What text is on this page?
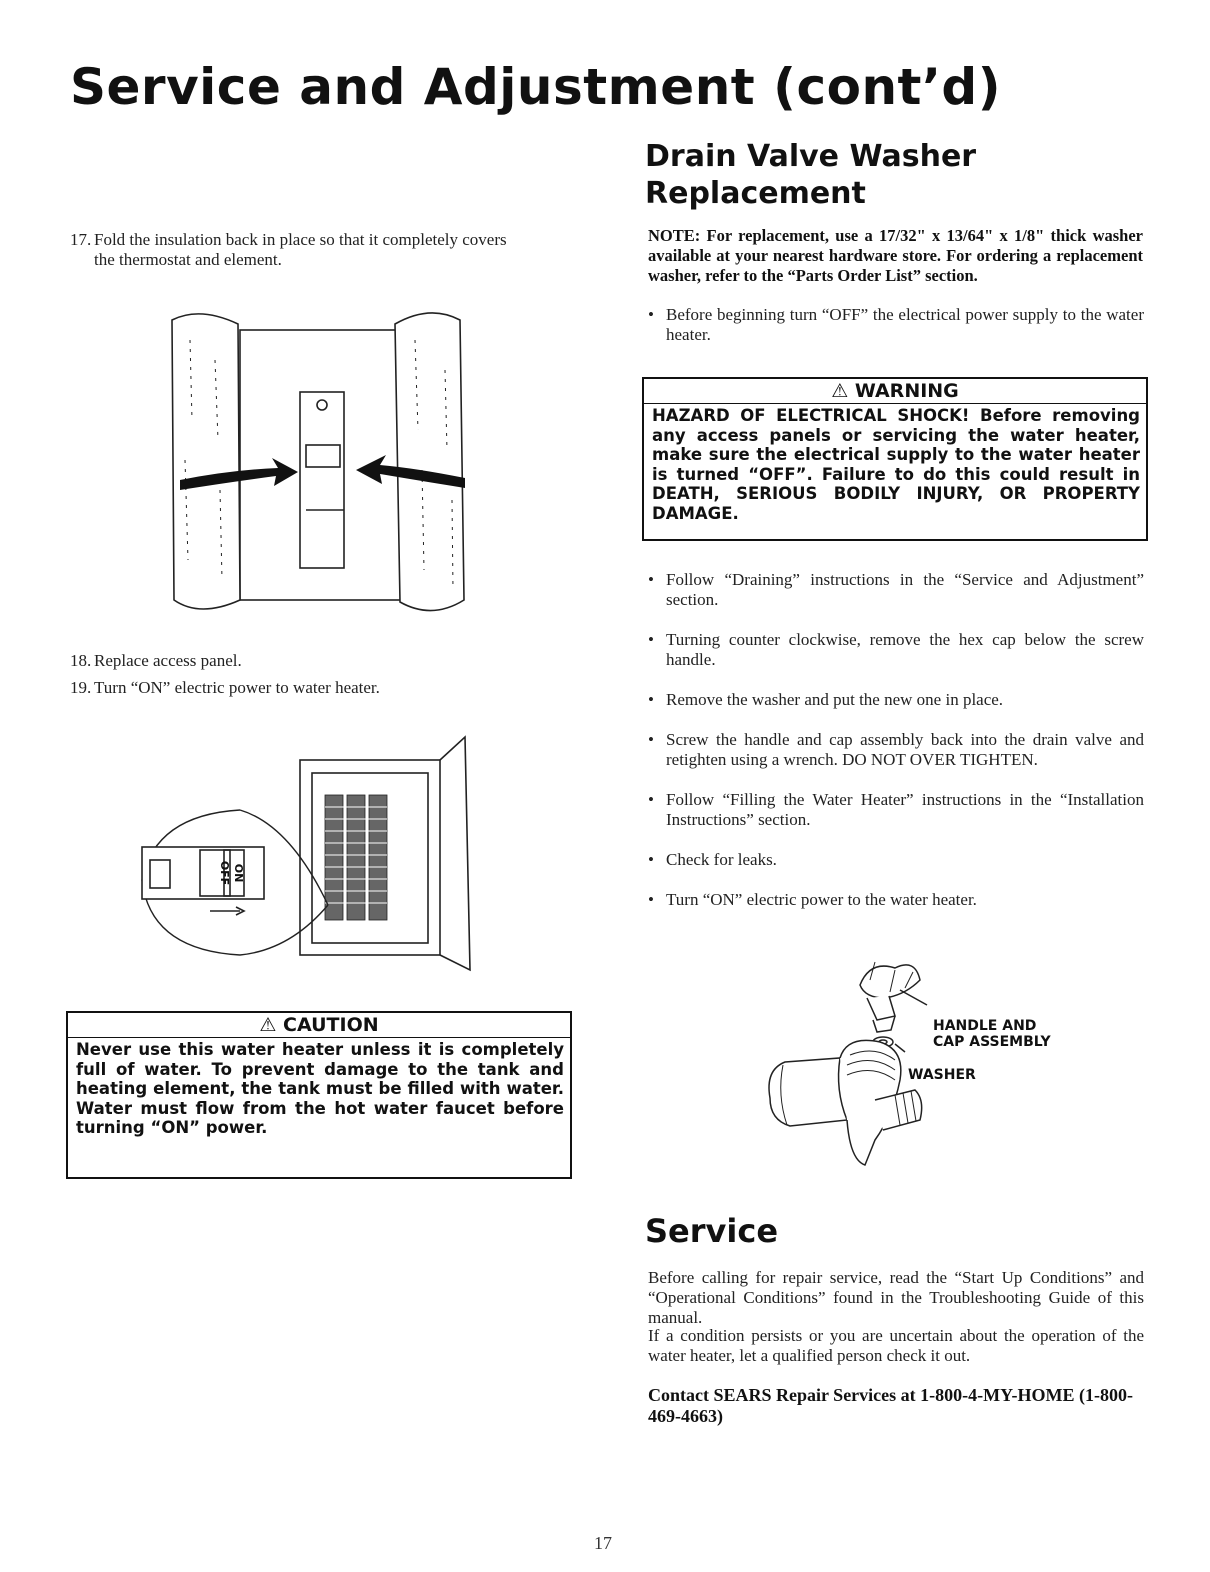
Service and Adjustment (cont’d)
17. Fold the insulation back in place so that it completely covers
the thermostat and element.
18. Replace access panel.
19. Turn “ON” electric power to water heater.
OFF ON
⚠ CAUTION
Never use this water heater unless it is completely full of water. To prevent damage to the tank and heating element, the tank must be filled with water. Water must flow from the hot water faucet before turning “ON” power.
Drain Valve Washer
Replacement
NOTE: For replacement, use a 17/32" x 13/64" x 1/8" thick washer available at your nearest hardware store. For ordering a replacement washer, refer to the “Parts Order List” section.
• Before beginning turn “OFF” the electrical power supply to the water heater.
⚠ WARNING
HAZARD OF ELECTRICAL SHOCK! Before removing any access panels or servicing the water heater, make sure the electrical supply to the water heater is turned “OFF”. Failure to do this could result in DEATH, SERIOUS BODILY INJURY, OR PROPERTY DAMAGE.
• Follow “Draining” instructions in the “Service and Adjustment” section.
• Turning counter clockwise, remove the hex cap below the screw handle.
• Remove the washer and put the new one in place.
• Screw the handle and cap assembly back into the drain valve and retighten using a wrench. DO NOT OVER TIGHTEN.
• Follow “Filling the Water Heater” instructions in the “Installation Instructions” section.
• Check for leaks.
• Turn “ON” electric power to the water heater.
HANDLE AND
CAP ASSEMBLY
WASHER
Service
Before calling for repair service, read the “Start Up Conditions” and “Operational Conditions” found in the Troubleshooting Guide of this manual.
If a condition persists or you are uncertain about the operation of the water heater, let a qualified person check it out.
Contact SEARS Repair Services at 1-800-4-MY-HOME (1-800-469-4663)
17
